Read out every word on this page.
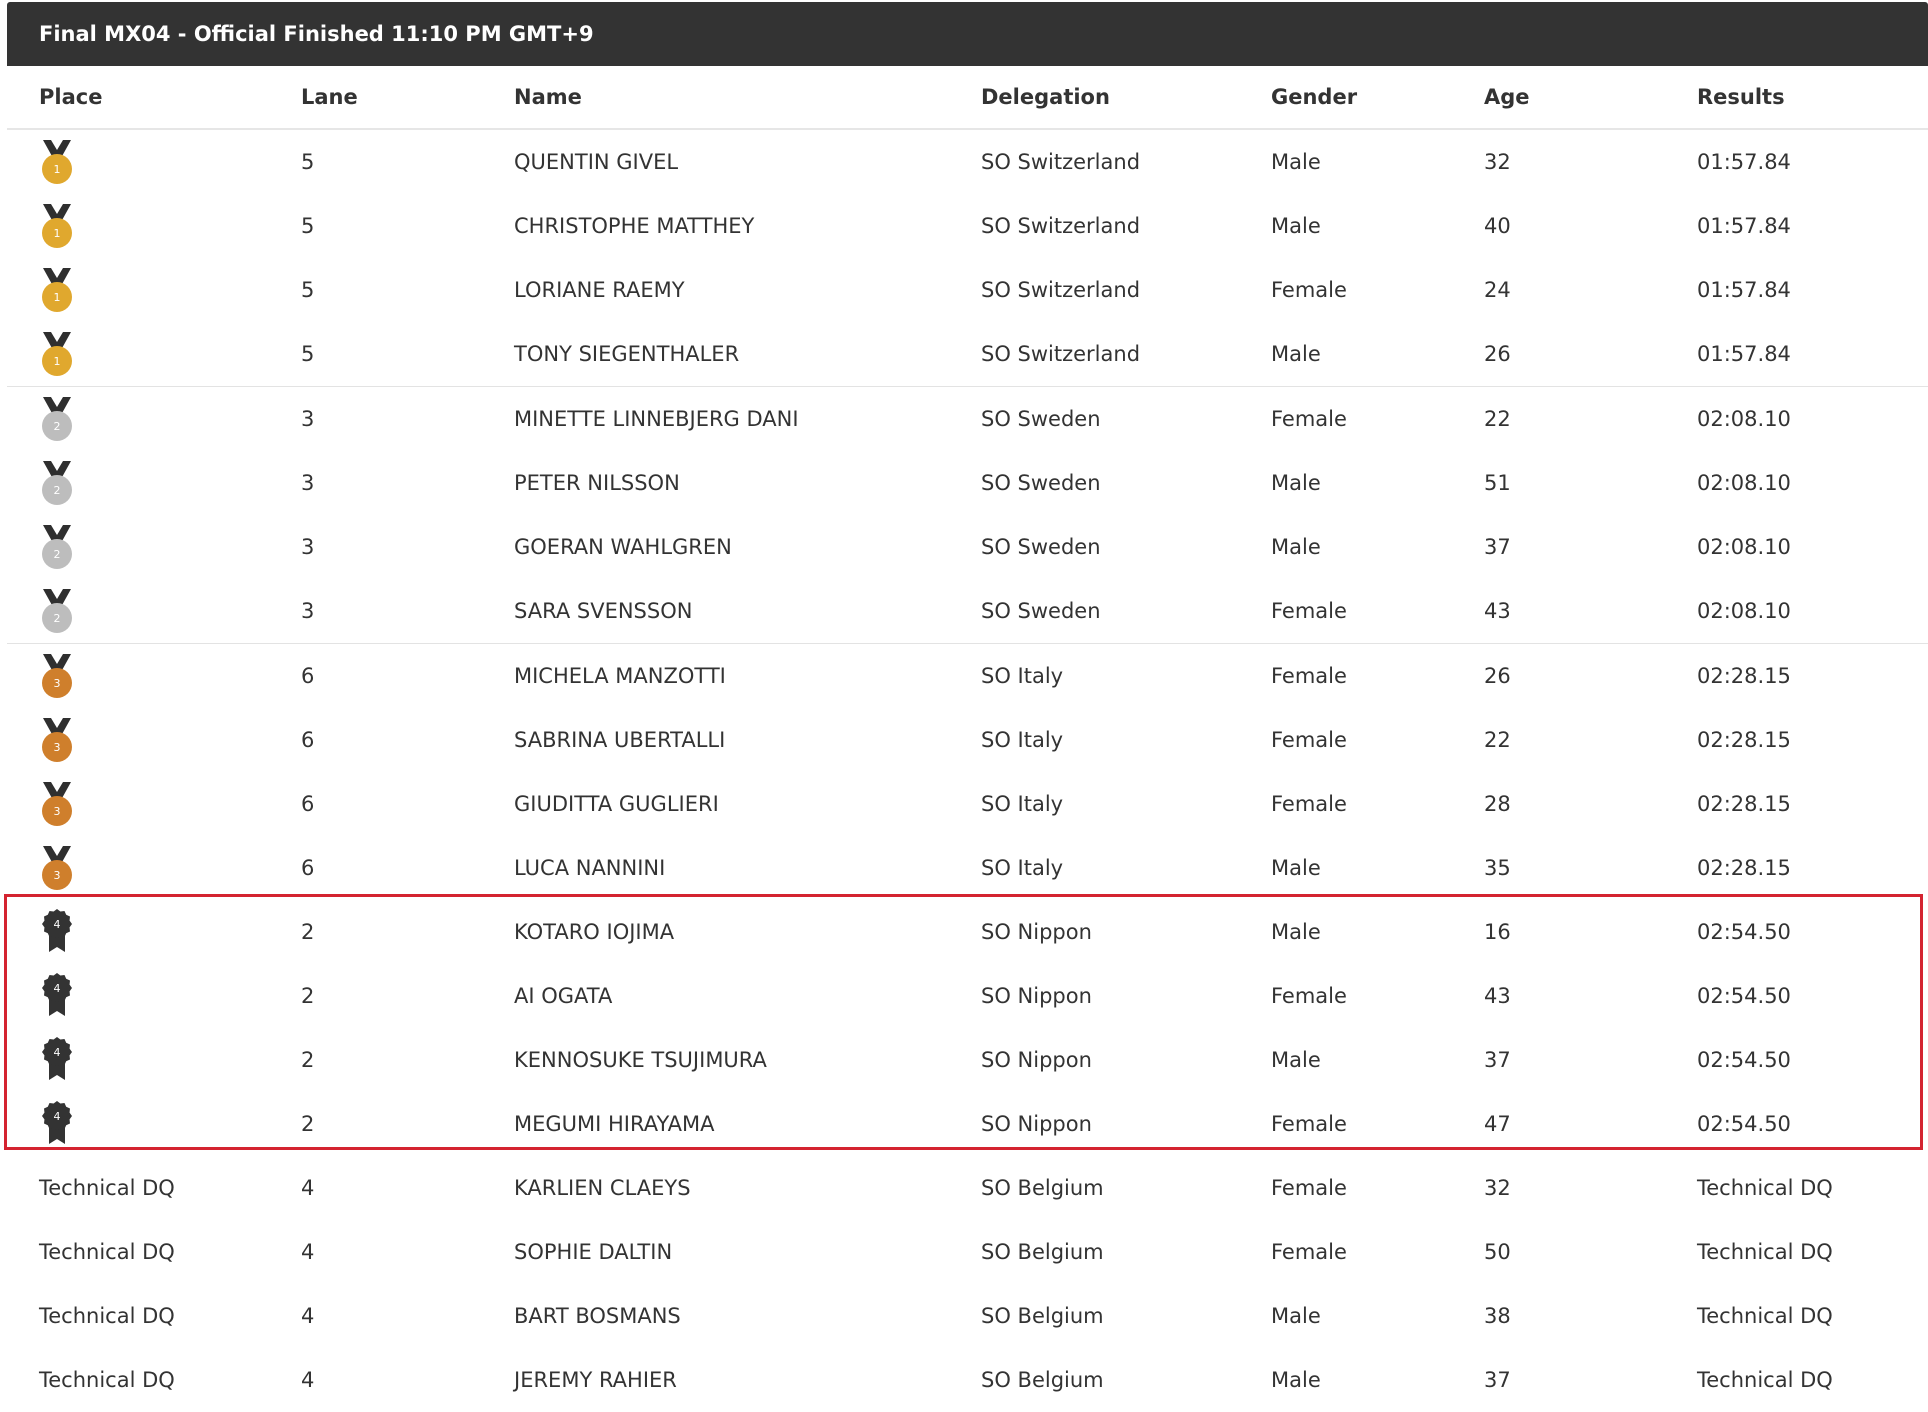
Final MX04 - Official Finished 11:10 PM GMT+9
Place	Lane	Name	Delegation	Gender	Age	Results
1	5	QUENTIN GIVEL	SO Switzerland	Male	32	01:57.84
1	5	CHRISTOPHE MATTHEY	SO Switzerland	Male	40	01:57.84
1	5	LORIANE RAEMY	SO Switzerland	Female	24	01:57.84
1	5	TONY SIEGENTHALER	SO Switzerland	Male	26	01:57.84
2	3	MINETTE LINNEBJERG DANI	SO Sweden	Female	22	02:08.10
2	3	PETER NILSSON	SO Sweden	Male	51	02:08.10
2	3	GOERAN WAHLGREN	SO Sweden	Male	37	02:08.10
2	3	SARA SVENSSON	SO Sweden	Female	43	02:08.10
3	6	MICHELA MANZOTTI	SO Italy	Female	26	02:28.15
3	6	SABRINA UBERTALLI	SO Italy	Female	22	02:28.15
3	6	GIUDITTA GUGLIERI	SO Italy	Female	28	02:28.15
3	6	LUCA NANNINI	SO Italy	Male	35	02:28.15
4	2	KOTARO IOJIMA	SO Nippon	Male	16	02:54.50
4	2	AI OGATA	SO Nippon	Female	43	02:54.50
4	2	KENNOSUKE TSUJIMURA	SO Nippon	Male	37	02:54.50
4	2	MEGUMI HIRAYAMA	SO Nippon	Female	47	02:54.50
Technical DQ	4	KARLIEN CLAEYS	SO Belgium	Female	32	Technical DQ
Technical DQ	4	SOPHIE DALTIN	SO Belgium	Female	50	Technical DQ
Technical DQ	4	BART BOSMANS	SO Belgium	Male	38	Technical DQ
Technical DQ	4	JEREMY RAHIER	SO Belgium	Male	37	Technical DQ
